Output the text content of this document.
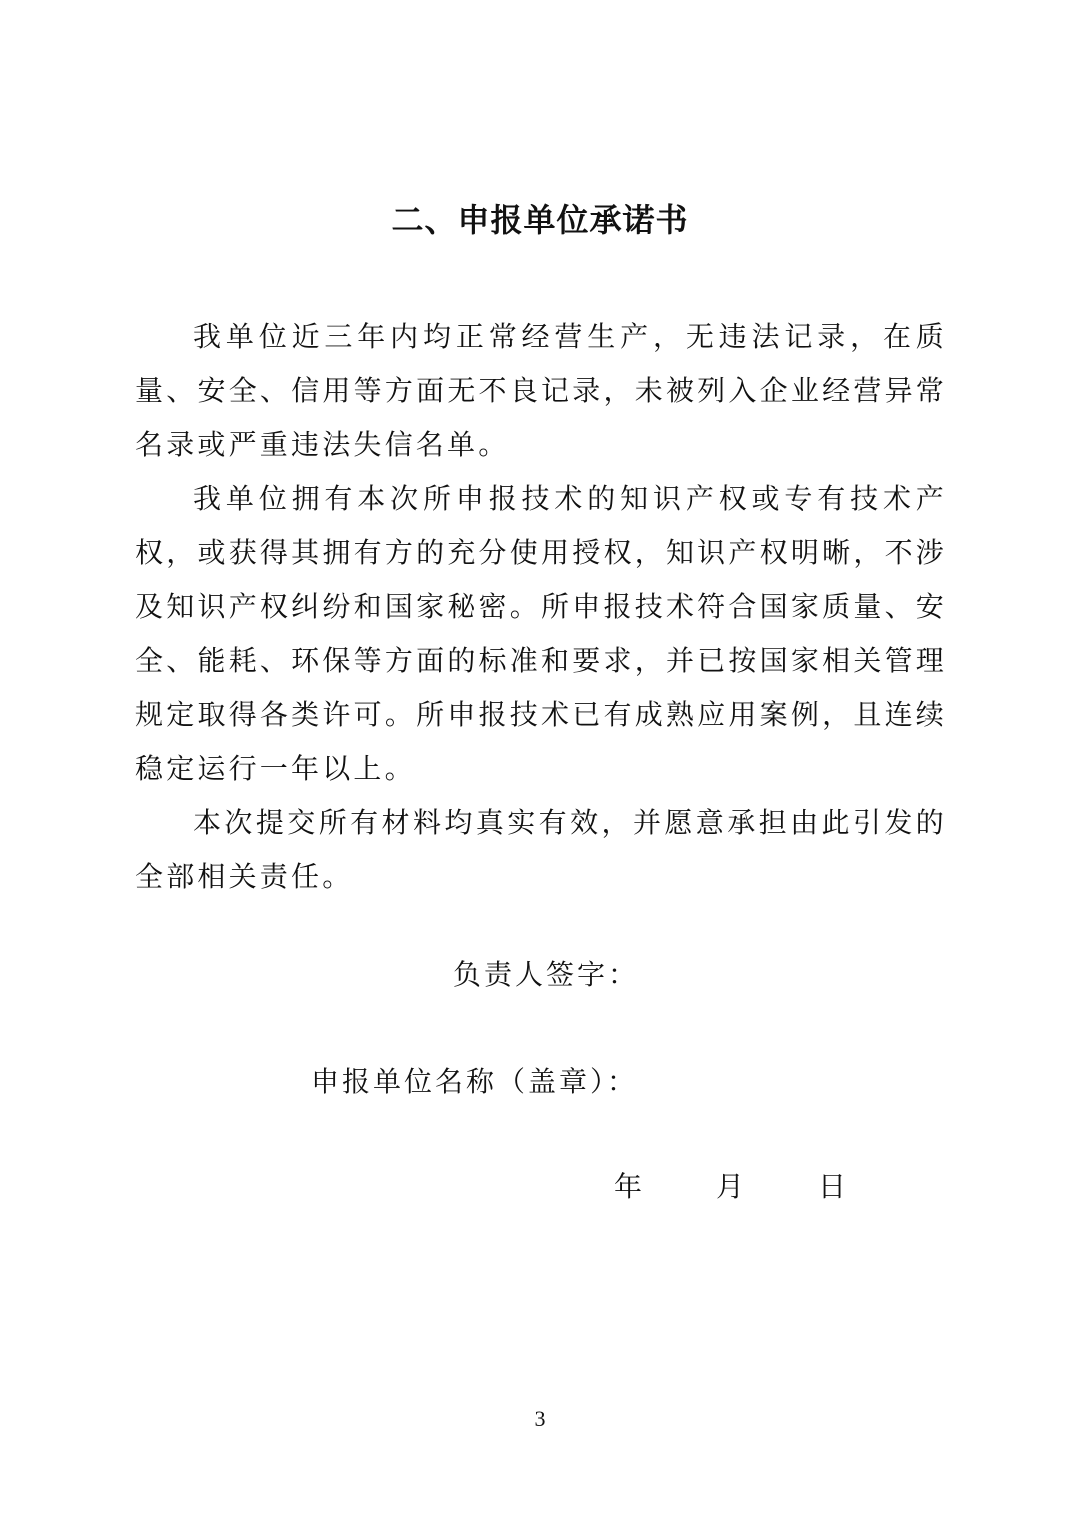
二、申报单位承诺书

我单位近三年内均正常经营生产，无违法记录，在质量、安全、信用等方面无不良记录，未被列入企业经营异常名录或严重违法失信名单。

我单位拥有本次所申报技术的知识产权或专有技术产权，或获得其拥有方的充分使用授权，知识产权明晰，不涉及知识产权纠纷和国家秘密。所申报技术符合国家质量、安全、能耗、环保等方面的标准和要求，并已按国家相关管理规定取得各类许可。所申报技术已有成熟应用案例，且连续稳定运行一年以上。

本次提交所有材料均真实有效，并愿意承担由此引发的全部相关责任。

负责人签字：
申报单位名称（盖章）：
年	月	日
3
